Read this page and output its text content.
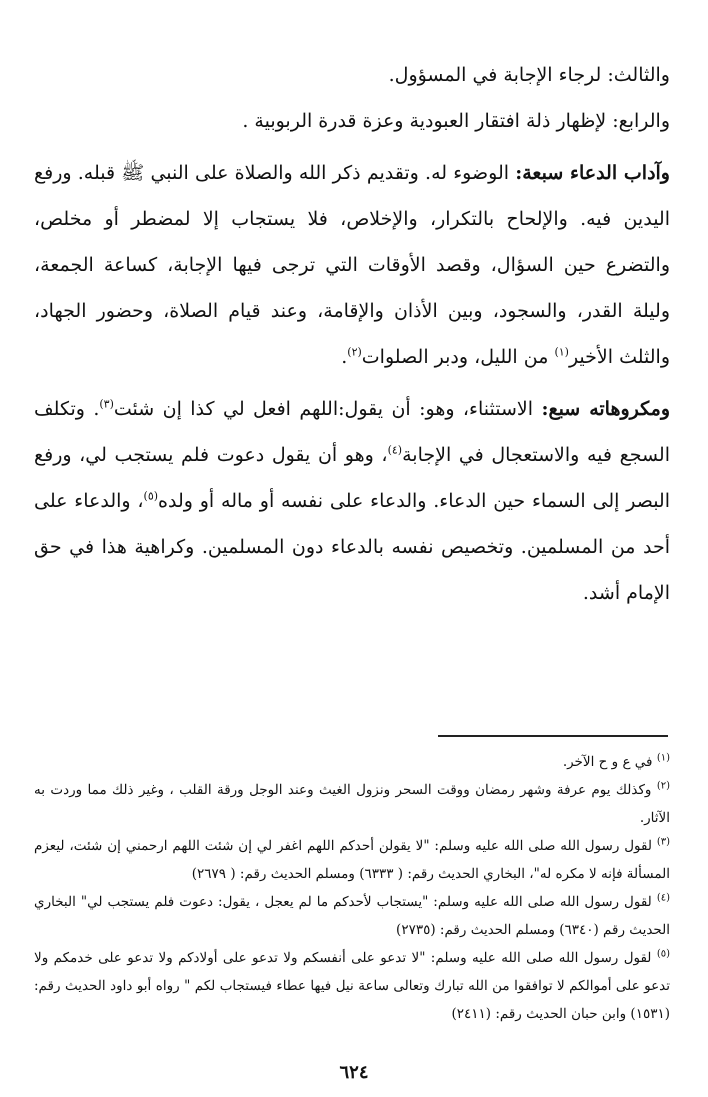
والثالث: لرجاء الإجابة في المسؤول.

والرابع: لإظهار ذلة افتقار العبودية وعزة قدرة الربوبية .

وآداب الدعاء سبعة: الوضوء له. وتقديم ذكر الله والصلاة على النبي ﷺ قبله. ورفع اليدين فيه. والإلحاح بالتكرار، والإخلاص، فلا يستجاب إلا لمضطر أو مخلص، والتضرع حين السؤال، وقصد الأوقات التي ترجى فيها الإجابة، كساعة الجمعة، وليلة القدر، والسجود، وبين الأذان والإقامة، وعند قيام الصلاة، وحضور الجهاد، والثلث الأخير$^{(١)}$ من الليل، ودبر الصلوات$^{(٢)}$.

ومكروهاته سبع: الاستثناء، وهو: أن يقول:اللهم افعل لي كذا إن شئت$^{(٣)}$. وتكلف السجع فيه والاستعجال في الإجابة$^{(٤)}$، وهو أن يقول دعوت فلم يستجب لي، ورفع البصر إلى السماء حين الدعاء. والدعاء على نفسه أو ماله أو ولده$^{(٥)}$، والدعاء على أحد من المسلمين. وتخصيص نفسه بالدعاء دون المسلمين. وكراهية هذا في حق الإمام أشد.

$^{(١)}$ في ع و ح الآخر.

$^{(٢)}$ وكذلك يوم عرفة وشهر رمضان ووقت السحر ونزول الغيث وعند الوجل ورقة القلب ، وغير ذلك مما وردت به الآثار.

$^{(٣)}$ لقول رسول الله صلى الله عليه وسلم: "لا يقولن أحدكم اللهم اغفر لي إن شئت اللهم ارحمني إن شئت، ليعزم المسألة فإنه لا مكره له"، البخاري الحديث رقم: ( ٦٣٣٣) ومسلم الحديث رقم: ( ٢٦٧٩)

$^{(٤)}$ لقول رسول الله صلى الله عليه وسلم: "يستجاب لأحدكم ما لم يعجل ، يقول: دعوت فلم يستجب لي" البخاري الحديث رقم (٦٣٤٠) ومسلم الحديث رقم: (٢٧٣٥)

$^{(٥)}$ لقول رسول الله صلى الله عليه وسلم: "لا تدعو على أنفسكم ولا تدعو على أولادكم ولا تدعو على خدمكم ولا تدعو على أموالكم لا توافقوا من الله تبارك وتعالى ساعة نيل فيها عطاء فيستجاب لكم " رواه أبو داود الحديث رقم: (١٥٣١) وابن حبان الحديث رقم: (٢٤١١)

٦٢٤
